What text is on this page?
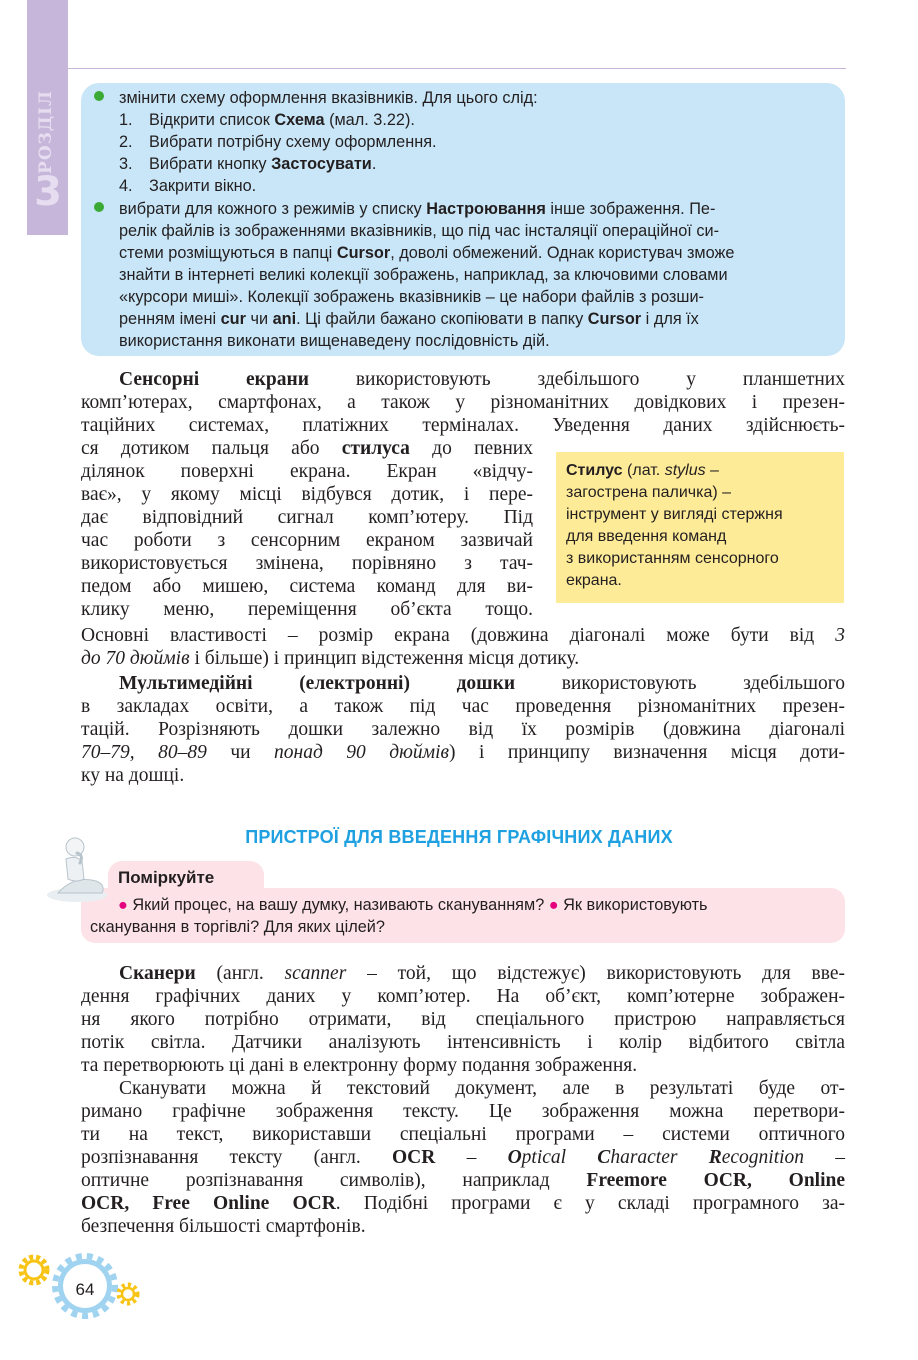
РОЗДІЛ
3
змінити схему оформлення вказівників. Для цього слід:
1. Відкрити список Схема (мал. 3.22).
2. Вибрати потрібну схему оформлення.
3. Вибрати кнопку Застосувати.
4. Закрити вікно.
вибрати для кожного з режимів у списку Настроювання інше зображення. Пе-
релік файлів із зображеннями вказівників, що під час інсталяції операційної си-
стеми розміщуються в папці Cursor, доволі обмежений. Однак користувач зможе
знайти в інтернеті великі колекції зображень, наприклад, за ключовими словами
«курсори миші». Колекції зображень вказівників – це набори файлів з розши-
ренням імені cur чи ani. Ці файли бажано скопіювати в папку Cursor і для їх
використання виконати вищенаведену послідовність дій.
Сенсорні екрани використовують здебільшого у планшетних
комп’ютерах, смартфонах, а також у різноманітних довідкових і презен-
таційних системах, платіжних терміналах. Уведення даних здійснюєть-
ся дотиком пальця або стилуса до певних
ділянок поверхні екрана. Екран «відчу-
ває», у якому місці відбувся дотик, і пере-
дає відповідний сигнал комп’ютеру. Під
час роботи з сенсорним екраном зазвичай
використовується змінена, порівняно з тач-
педом або мишею, система команд для ви-
клику меню, переміщення об’єкта тощо.
Основні властивості – розмір екрана (довжина діагоналі може бути від 3
до 70 дюймів і більше) і принцип відстеження місця дотику.
Стилус (лат. stylus –
загострена паличка) –
інструмент у вигляді стержня
для введення команд
з використанням сенсорного
екрана.
Мультимедійні (електронні) дошки використовують здебільшого
в закладах освіти, а також під час проведення різноманітних презен-
тацій. Розрізняють дошки залежно від їх розмірів (довжина діагоналі
70–79, 80–89 чи понад 90 дюймів) і принципу визначення місця доти-
ку на дошці.
ПРИСТРОЇ ДЛЯ ВВЕДЕННЯ ГРАФІЧНИХ ДАНИХ
Поміркуйте
● Який процес, на вашу думку, називають скануванням? ● Як використовують
сканування в торгівлі? Для яких цілей?
Сканери (англ. scanner – той, що відстежує) використовують для вве-
дення графічних даних у комп’ютер. На об’єкт, комп’ютерне зображен-
ня якого потрібно отримати, від спеціального пристрою направляється
потік світла. Датчики аналізують інтенсивність і колір відбитого світла
та перетворюють ці дані в електронну форму подання зображення.
Сканувати можна й текстовий документ, але в результаті буде от-
римано графічне зображення тексту. Це зображення можна перетвори-
ти на текст, використавши спеціальні програми – системи оптичного
розпізнавання тексту (англ. OCR – Optical Character Recognition –
оптичне розпізнавання символів), наприклад Freemore OCR, Online
OCR, Free Online OCR. Подібні програми є у складі програмного за-
безпечення більшості смартфонів.
64
